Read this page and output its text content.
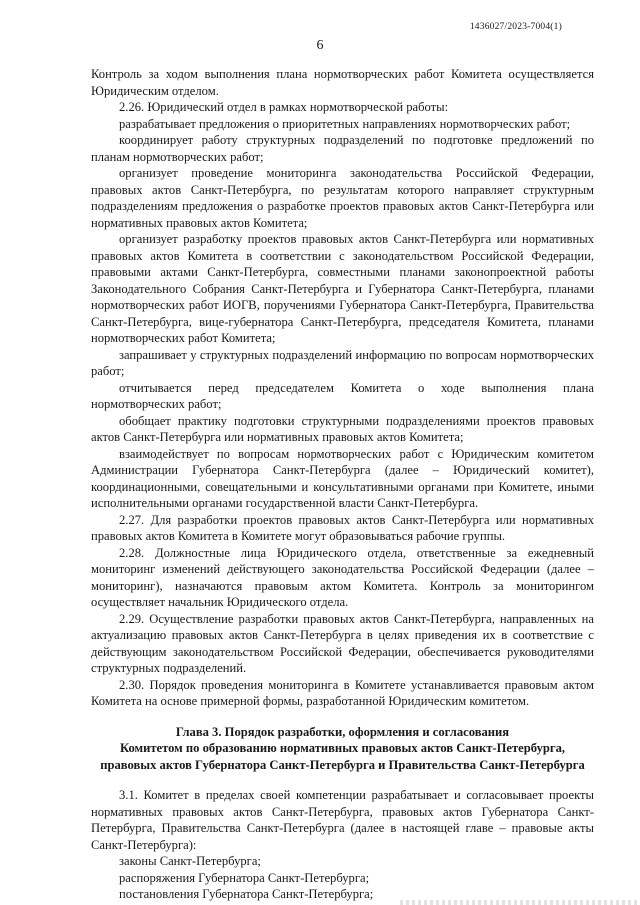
1436027/2023-7004(1)
6

Контроль за ходом выполнения плана нормотворческих работ Комитета осуществляется Юридическим отделом.

2.26. Юридический отдел в рамках нормотворческой работы:

разрабатывает предложения о приоритетных направлениях нормотворческих работ;

координирует работу структурных подразделений по подготовке предложений по планам нормотворческих работ;

организует проведение мониторинга законодательства Российской Федерации, правовых актов Санкт-Петербурга, по результатам которого направляет структурным подразделениям предложения о разработке проектов правовых актов Санкт-Петербурга или нормативных правовых актов Комитета;

организует разработку проектов правовых актов Санкт-Петербурга или нормативных правовых актов Комитета в соответствии с законодательством Российской Федерации, правовыми актами Санкт-Петербурга, совместными планами законопроектной работы Законодательного Собрания Санкт-Петербурга и Губернатора Санкт-Петербурга, планами нормотворческих работ ИОГВ, поручениями Губернатора Санкт-Петербурга, Правительства Санкт-Петербурга, вице-губернатора Санкт-Петербурга, председателя Комитета, планами нормотворческих работ Комитета;

запрашивает у структурных подразделений информацию по вопросам нормотворческих работ;

отчитывается перед председателем Комитета о ходе выполнения плана нормотворческих работ;

обобщает практику подготовки структурными подразделениями проектов правовых актов Санкт-Петербурга или нормативных правовых актов Комитета;

взаимодействует по вопросам нормотворческих работ с Юридическим комитетом Администрации Губернатора Санкт-Петербурга (далее – Юридический комитет), координационными, совещательными и консультативными органами при Комитете, иными исполнительными органами государственной власти Санкт-Петербурга.

2.27. Для разработки проектов правовых актов Санкт-Петербурга или нормативных правовых актов Комитета в Комитете могут образовываться рабочие группы.

2.28. Должностные лица Юридического отдела, ответственные за ежедневный мониторинг изменений действующего законодательства Российской Федерации (далее – мониторинг), назначаются правовым актом Комитета. Контроль за мониторингом осуществляет начальник Юридического отдела.

2.29. Осуществление разработки правовых актов Санкт-Петербурга, направленных на актуализацию правовых актов Санкт-Петербурга в целях приведения их в соответствие с действующим законодательством Российской Федерации, обеспечивается руководителями структурных подразделений.

2.30. Порядок проведения мониторинга в Комитете устанавливается правовым актом Комитета на основе примерной формы, разработанной Юридическим комитетом.

Глава 3. Порядок разработки, оформления и согласования
Комитетом по образованию нормативных правовых актов Санкт-Петербурга,
правовых актов Губернатора Санкт-Петербурга и Правительства Санкт-Петербурга

3.1. Комитет в пределах своей компетенции разрабатывает и согласовывает проекты нормативных правовых актов Санкт-Петербурга, правовых актов Губернатора Санкт-Петербурга, Правительства Санкт-Петербурга (далее в настоящей главе – правовые акты Санкт-Петербурга):

законы Санкт-Петербурга;

распоряжения Губернатора Санкт-Петербурга;

постановления Губернатора Санкт-Петербурга;
